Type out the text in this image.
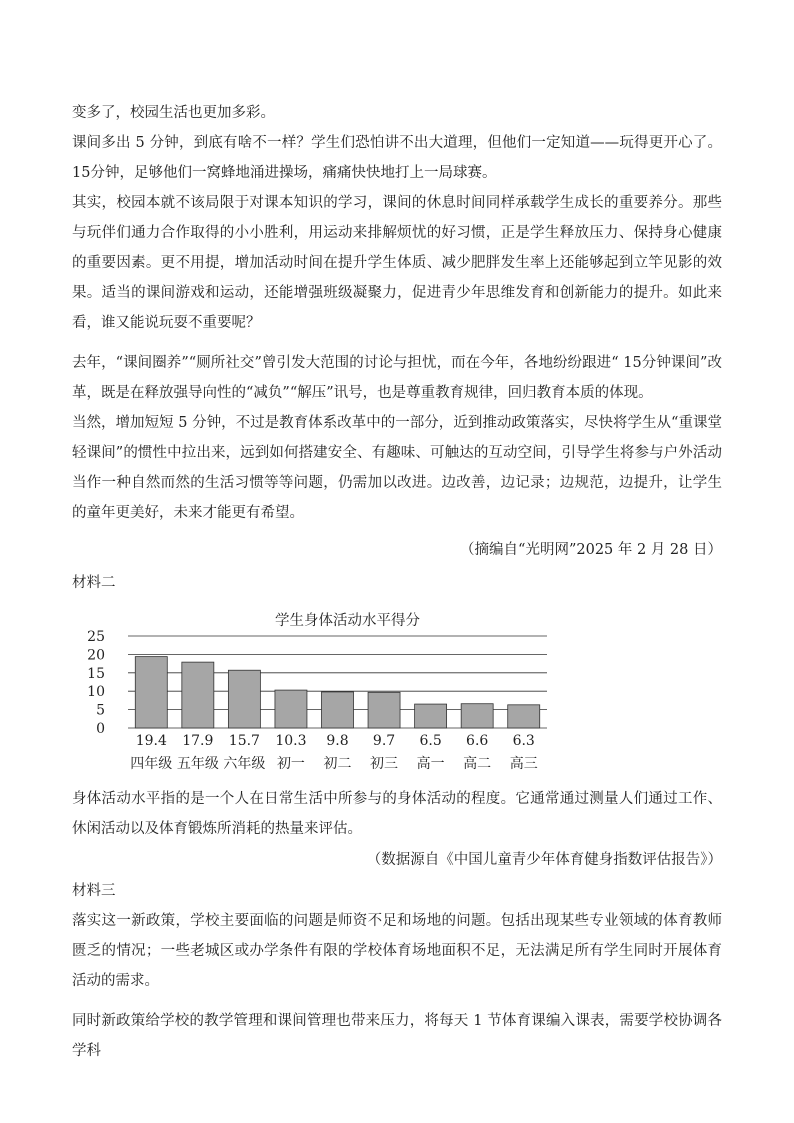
变多了，校园生活也更加多彩。

课间多出 5 分钟，到底有啥不一样？学生们恐怕讲不出大道理，但他们一定知道——玩得更开心了。15分钟，足够他们一窝蜂地涌进操场，痛痛快快地打上一局球赛。

其实，校园本就不该局限于对课本知识的学习，课间的休息时间同样承载学生成长的重要养分。那些与玩伴们通力合作取得的小小胜利，用运动来排解烦忧的好习惯，正是学生释放压力、保持身心健康的重要因素。更不用提，增加活动时间在提升学生体质、减少肥胖发生率上还能够起到立竿见影的效果。适当的课间游戏和运动，还能增强班级凝聚力，促进青少年思维发育和创新能力的提升。如此来看，谁又能说玩耍不重要呢？

去年，“课间圈养”“厕所社交”曾引发大范围的讨论与担忧，而在今年，各地纷纷跟进“ 15分钟课间”改革，既是在释放强导向性的“减负”“解压”讯号，也是尊重教育规律，回归教育本质的体现。

当然，增加短短 5 分钟，不过是教育体系改革中的一部分，近到推动政策落实，尽快将学生从“重课堂轻课间”的惯性中拉出来，远到如何搭建安全、有趣味、可触达的互动空间，引导学生将参与户外活动当作一种自然而然的生活习惯等等问题，仍需加以改进。边改善，边记录；边规范，边提升，让学生的童年更美好，未来才能更有希望。

（摘编自“光明网”2025 年 2 月 28 日）
材料二
学生身体活动水平得分
0
5
10
15
20
25
19.4
四年级
17.9
五年级
15.7
六年级
10.3
初一
9.8
初二
9.7
初三
6.5
高一
6.6
高二
6.3
高三

身体活动水平指的是一个人在日常生活中所参与的身体活动的程度。它通常通过测量人们通过工作、休闲活动以及体育锻炼所消耗的热量来评估。

（数据源自《中国儿童青少年体育健身指数评估报告》）
材料三

落实这一新政策，学校主要面临的问题是师资不足和场地的问题。包括出现某些专业领域的体育教师匮乏的情况；一些老城区或办学条件有限的学校体育场地面积不足，无法满足所有学生同时开展体育活动的需求。

同时新政策给学校的教学管理和课间管理也带来压力，将每天 1 节体育课编入课表，需要学校协调各学科
